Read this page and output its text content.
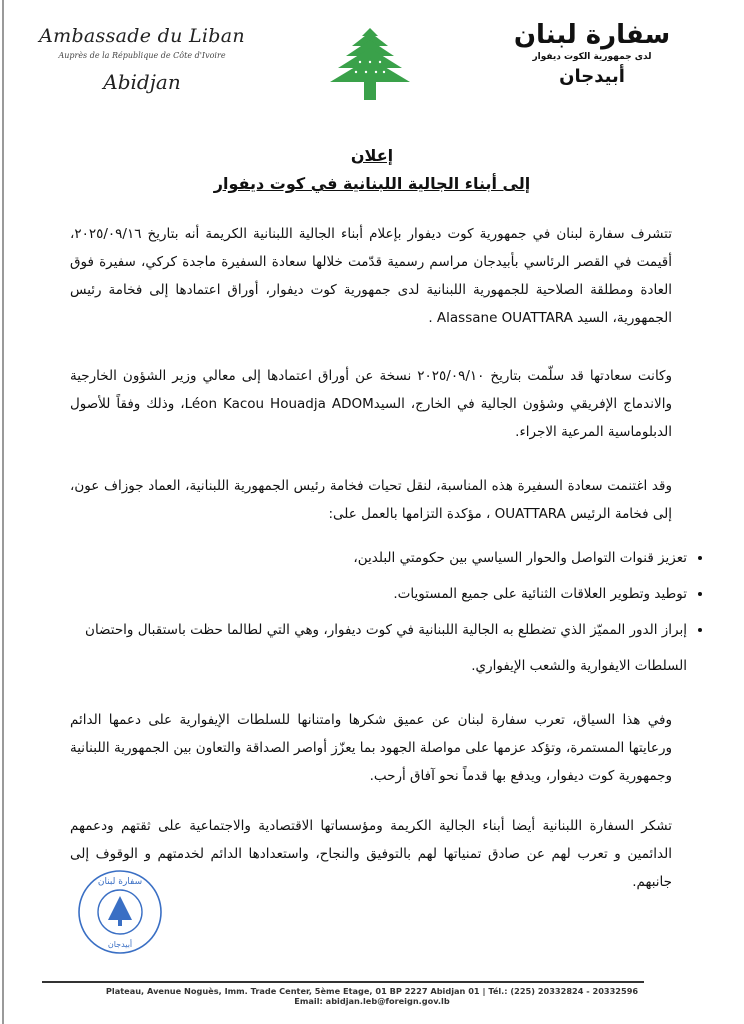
Ambassade du Liban
Auprès de la République de Côte d'Ivoire
Abidjan
سفارة لبنان
لدى جمهورية الكوت ديفوار
أبيدجان
إعلان
إلى أبناء الجالية اللبنانية في كوت ديفوار
تتشرف سفارة لبنان في جمهورية كوت ديفوار بإعلام أبناء الجالية اللبنانية الكريمة أنه بتاريخ ٢٠٢٥/٠٩/١٦، أقيمت في القصر الرئاسي بأبيدجان مراسم رسمية قدّمت خلالها سعادة السفيرة ماجدة كركي، سفيرة فوق العادة ومطلقة الصلاحية للجمهورية اللبنانية لدى جمهورية كوت ديفوار، أوراق اعتمادها إلى فخامة رئيس الجمهورية، السيد Alassane OUATTARA .
وكانت سعادتها قد سلّمت بتاريخ ٢٠٢٥/٠٩/١٠ نسخة عن أوراق اعتمادها إلى معالي وزير الشؤون الخارجية والاندماج الإفريقي وشؤون الجالية في الخارج، السيدLéon Kacou Houadja ADOM، وذلك وفقاً للأصول الدبلوماسية المرعية الاجراء.
وقد اغتنمت سعادة السفيرة هذه المناسبة، لنقل تحيات فخامة رئيس الجمهورية اللبنانية، العماد جوزاف عون، إلى فخامة الرئيس OUATTARA ، مؤكدة التزامها بالعمل على:
• تعزيز قنوات التواصل والحوار السياسي بين حكومتي البلدين،
• توطيد وتطوير العلاقات الثنائية على جميع المستويات.
• إبراز الدور المميّز الذي تضطلع به الجالية اللبنانية في كوت ديفوار، وهي التي لطالما حظت باستقبال واحتضان السلطات الايفوارية والشعب الإيفواري.
وفي هذا السياق، تعرب سفارة لبنان عن عميق شكرها وامتنانها للسلطات الإيفوارية على دعمها الدائم ورعايتها المستمرة، وتؤكد عزمها على مواصلة الجهود بما يعزّز أواصر الصداقة والتعاون بين الجمهورية اللبنانية وجمهورية كوت ديفوار، ويدفع بها قدماً نحو آفاق أرحب.
تشكر السفارة اللبنانية أيضا أبناء الجالية الكريمة ومؤسساتها الاقتصادية والاجتماعية على ثقتهم ودعمهم الدائمين و تعرب لهم عن صادق تمنياتها لهم بالتوفيق والنجاح، واستعدادها الدائم لخدمتهم و الوقوف إلى جانبهم.
سفارة لبنان
أبيدجان
Plateau, Avenue Noguès, Imm. Trade Center, 5ème Etage, 01 BP 2227 Abidjan 01 | Tél.: (225) 20332824 - 20332596
Email: abidjan.leb@foreign.gov.lb
